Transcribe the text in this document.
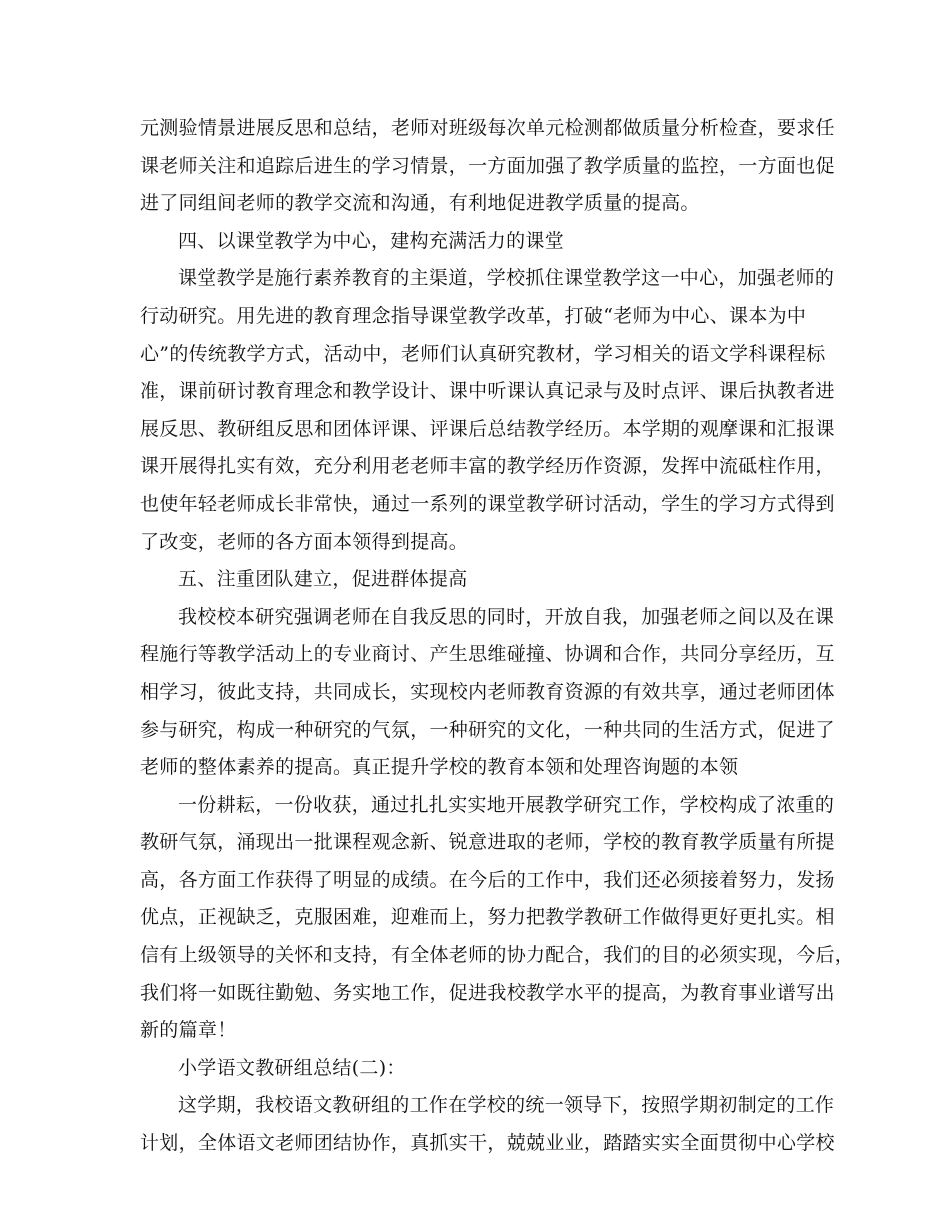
元测验情景进展反思和总结，老师对班级每次单元检测都做质量分析检查，要求任
课老师关注和追踪后进生的学习情景，一方面加强了教学质量的监控，一方面也促
进了同组间老师的教学交流和沟通，有利地促进教学质量的提高。
四、以课堂教学为中心，建构充满活力的课堂
课堂教学是施行素养教育的主渠道，学校抓住课堂教学这一中心，加强老师的
行动研究。用先进的教育理念指导课堂教学改革，打破“老师为中心、课本为中
心”的传统教学方式，活动中，老师们认真研究教材，学习相关的语文学科课程标
准，课前研讨教育理念和教学设计、课中听课认真记录与及时点评、课后执教者进
展反思、教研组反思和团体评课、评课后总结教学经历。本学期的观摩课和汇报课
课开展得扎实有效，充分利用老老师丰富的教学经历作资源，发挥中流砥柱作用，
也使年轻老师成长非常快，通过一系列的课堂教学研讨活动，学生的学习方式得到
了改变，老师的各方面本领得到提高。
五、注重团队建立，促进群体提高
我校校本研究强调老师在自我反思的同时，开放自我，加强老师之间以及在课
程施行等教学活动上的专业商讨、产生思维碰撞、协调和合作，共同分享经历，互
相学习，彼此支持，共同成长，实现校内老师教育资源的有效共享，通过老师团体
参与研究，构成一种研究的气氛，一种研究的文化，一种共同的生活方式，促进了
老师的整体素养的提高。真正提升学校的教育本领和处理咨询题的本领
一份耕耘，一份收获，通过扎扎实实地开展教学研究工作，学校构成了浓重的
教研气氛，涌现出一批课程观念新、锐意进取的老师，学校的教育教学质量有所提
高，各方面工作获得了明显的成绩。在今后的工作中，我们还必须接着努力，发扬
优点，正视缺乏，克服困难，迎难而上，努力把教学教研工作做得更好更扎实。相
信有上级领导的关怀和支持，有全体老师的协力配合，我们的目的必须实现，今后，
我们将一如既往勤勉、务实地工作，促进我校教学水平的提高，为教育事业谱写出
新的篇章！
小学语文教研组总结(二)：
这学期，我校语文教研组的工作在学校的统一领导下，按照学期初制定的工作
计划，全体语文老师团结协作，真抓实干，兢兢业业，踏踏实实全面贯彻中心学校
